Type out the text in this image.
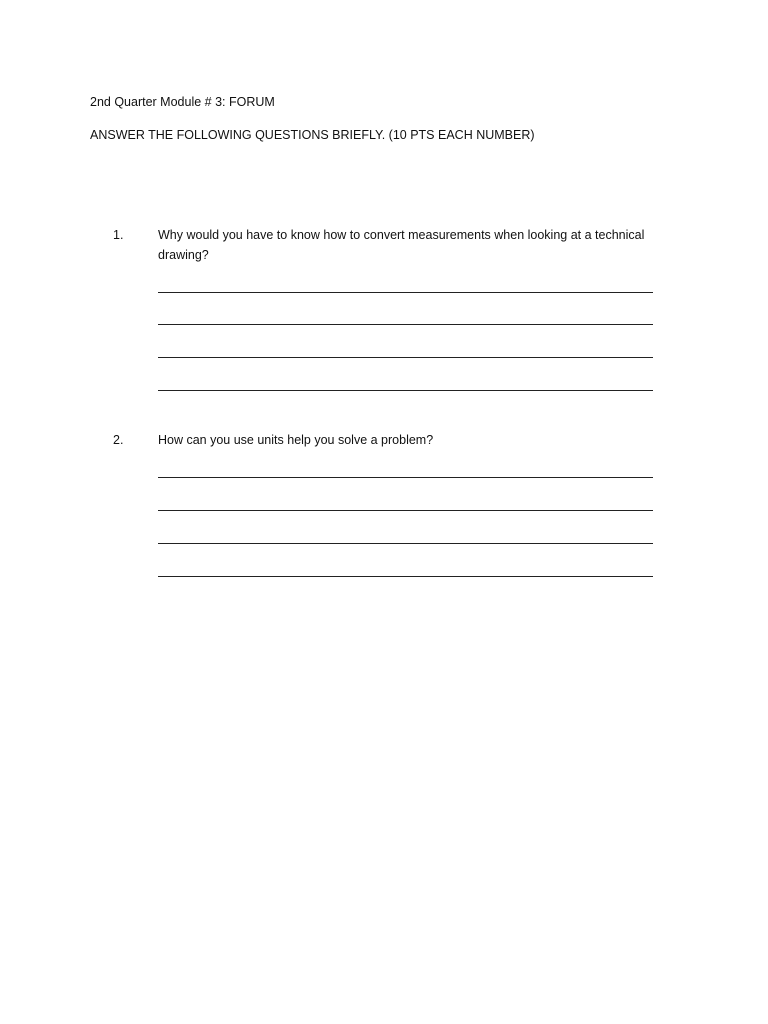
2nd Quarter Module # 3: FORUM
ANSWER THE FOLLOWING QUESTIONS BRIEFLY. (10 PTS EACH NUMBER)
1.	Why would you have to know how to convert measurements when looking at a technical drawing?
2.	How can you use units help you solve a problem?
